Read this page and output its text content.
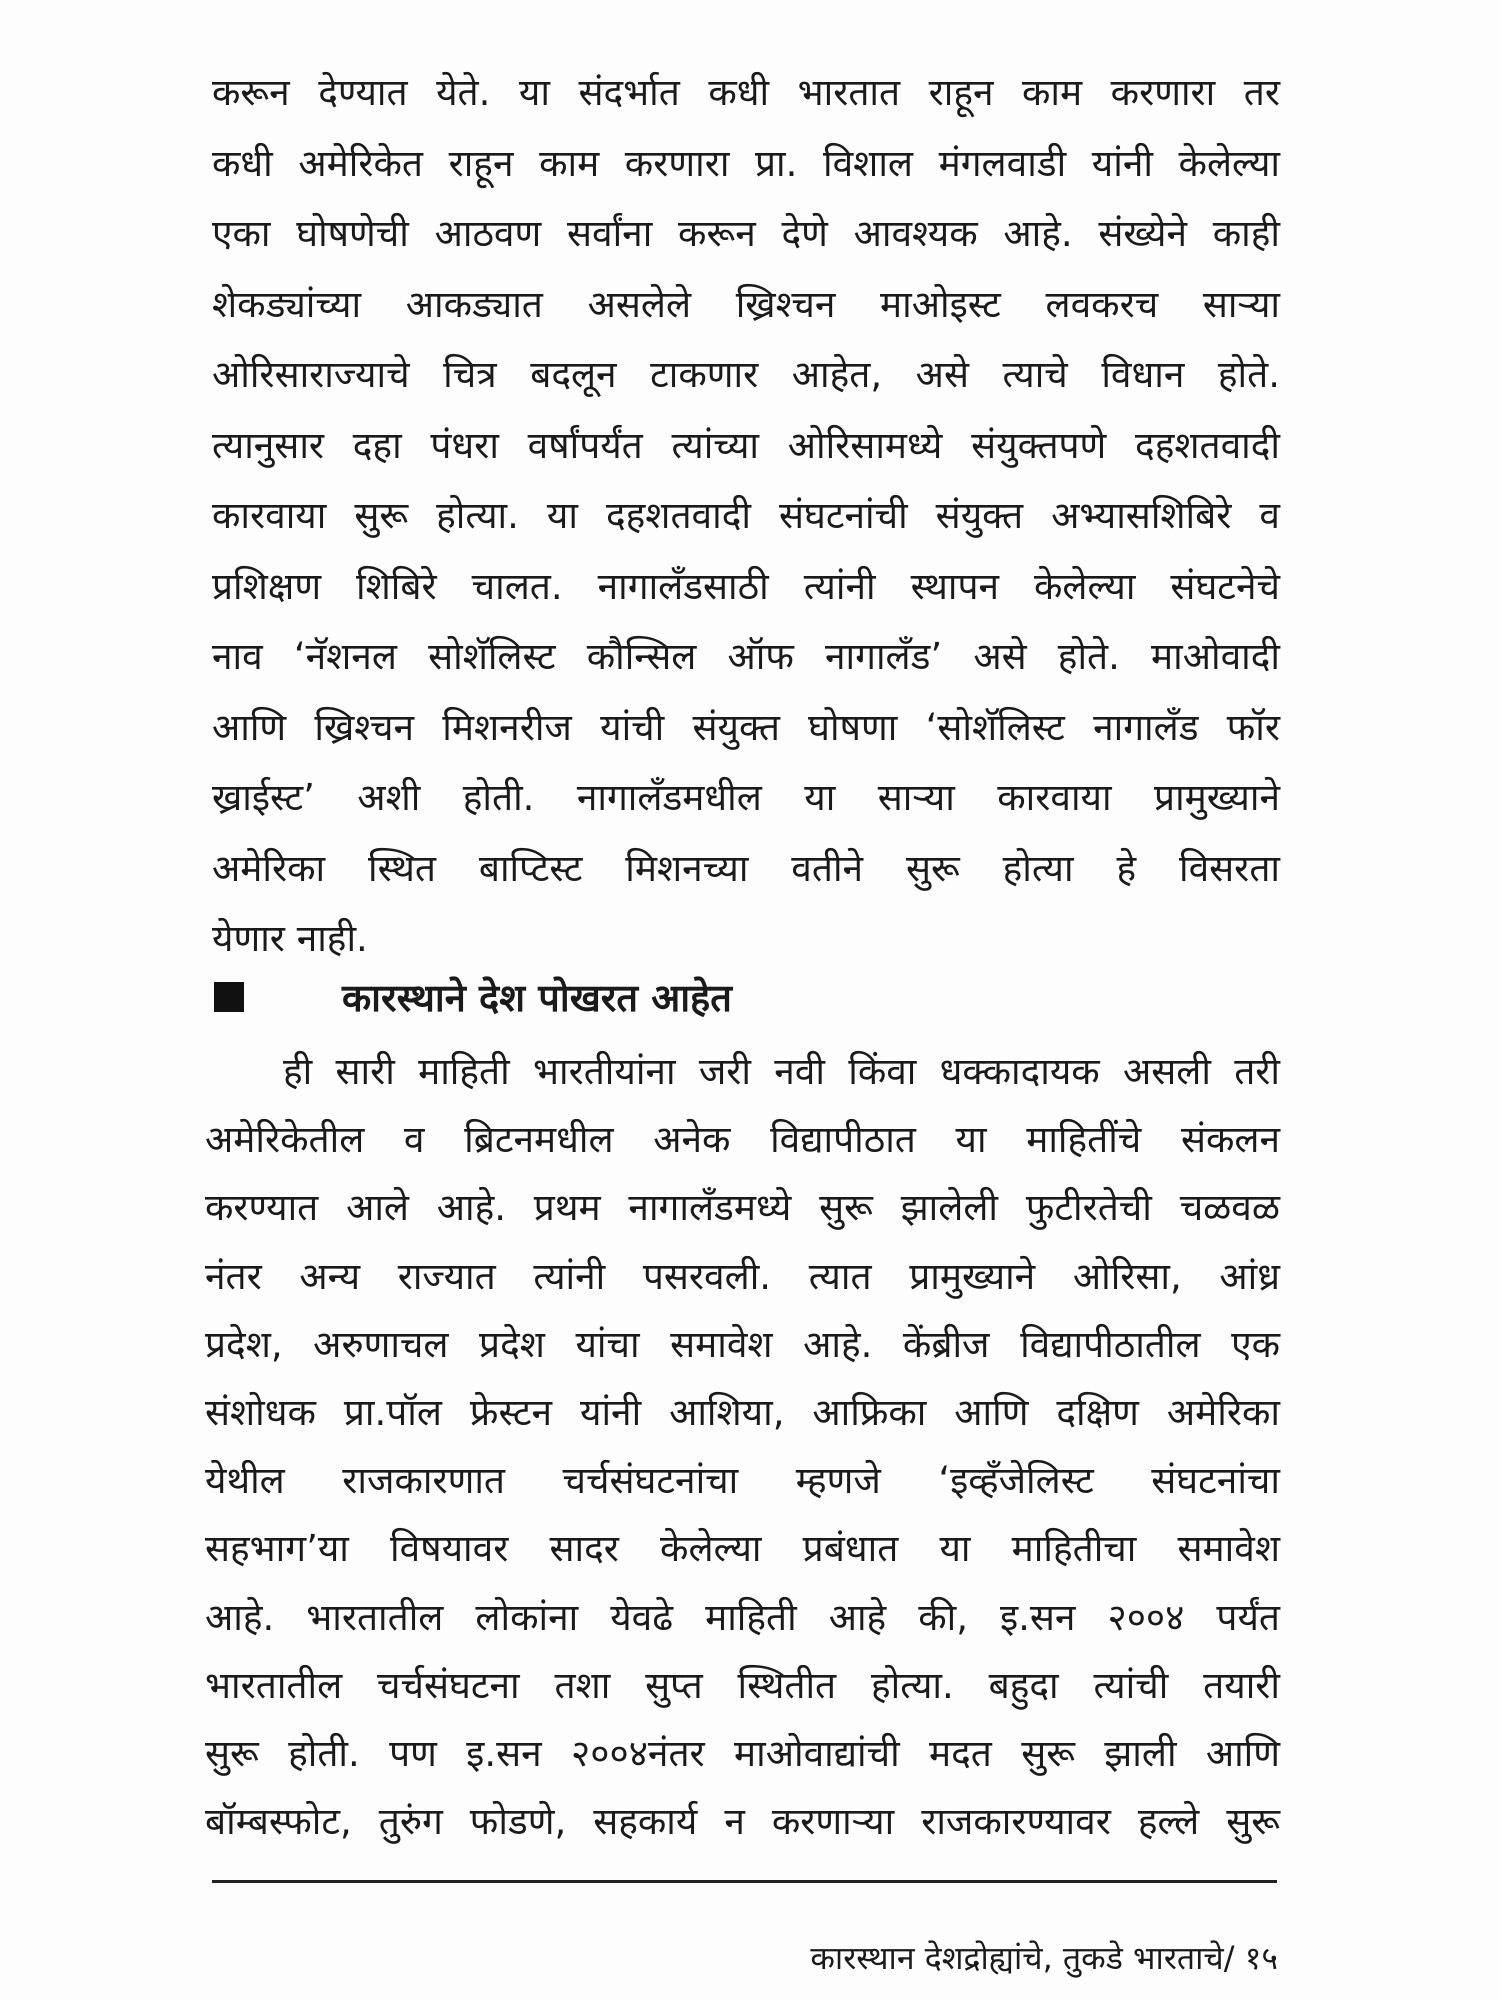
करून देण्यात येते. या संदर्भात कधी भारतात राहून काम करणारा तर
कधी अमेरिकेत राहून काम करणारा प्रा. विशाल मंगलवाडी यांनी केलेल्या
एका घोषणेची आठवण सर्वांना करून देणे आवश्यक आहे. संख्येने काही
शेकड्यांच्या आकड्यात असलेले ख्रिश्चन माओइस्ट लवकरच साऱ्या
ओरिसाराज्याचे चित्र बदलून टाकणार आहेत, असे त्याचे विधान होते.
त्यानुसार दहा पंधरा वर्षांपर्यंत त्यांच्या ओरिसामध्ये संयुक्तपणे दहशतवादी
कारवाया सुरू होत्या. या दहशतवादी संघटनांची संयुक्त अभ्यासशिबिरे व
प्रशिक्षण शिबिरे चालत. नागालँडसाठी त्यांनी स्थापन केलेल्या संघटनेचे
नाव ‘नॅशनल सोशॅलिस्ट कौन्सिल ऑफ नागालँड’ असे होते. माओवादी
आणि ख्रिश्चन मिशनरीज यांची संयुक्त घोषणा ‘सोशॅलिस्ट नागालँड फॉर
ख्राईस्ट’ अशी होती. नागालँडमधील या साऱ्या कारवाया प्रामुख्याने
अमेरिका स्थित बाप्टिस्ट मिशनच्या वतीने सुरू होत्या हे विसरता
येणार नाही.
कारस्थाने देश पोखरत आहेत
ही सारी माहिती भारतीयांना जरी नवी किंवा धक्कादायक असली तरी
अमेरिकेतील व ब्रिटनमधील अनेक विद्यापीठात या माहितींचे संकलन
करण्यात आले आहे. प्रथम नागालँडमध्ये सुरू झालेली फुटीरतेची चळवळ
नंतर अन्य राज्यात त्यांनी पसरवली. त्यात प्रामुख्याने ओरिसा, आंध्र
प्रदेश, अरुणाचल प्रदेश यांचा समावेश आहे. केंब्रीज विद्यापीठातील एक
संशोधक प्रा.पॉल फ्रेस्टन यांनी आशिया, आफ्रिका आणि दक्षिण अमेरिका
येथील राजकारणात चर्चसंघटनांचा म्हणजे ‘इव्हँजेलिस्ट संघटनांचा
सहभाग’या विषयावर सादर केलेल्या प्रबंधात या माहितीचा समावेश
आहे. भारतातील लोकांना येवढे माहिती आहे की, इ.सन २००४ पर्यंत
भारतातील चर्चसंघटना तशा सुप्त स्थितीत होत्या. बहुदा त्यांची तयारी
सुरू होती. पण इ.सन २००४नंतर माओवाद्यांची मदत सुरू झाली आणि
बॉम्बस्फोट, तुरुंग फोडणे, सहकार्य न करणाऱ्या राजकारण्यावर हल्ले सुरू
कारस्थान देशद्रोह्यांचे, तुकडे भारताचे/ १५
